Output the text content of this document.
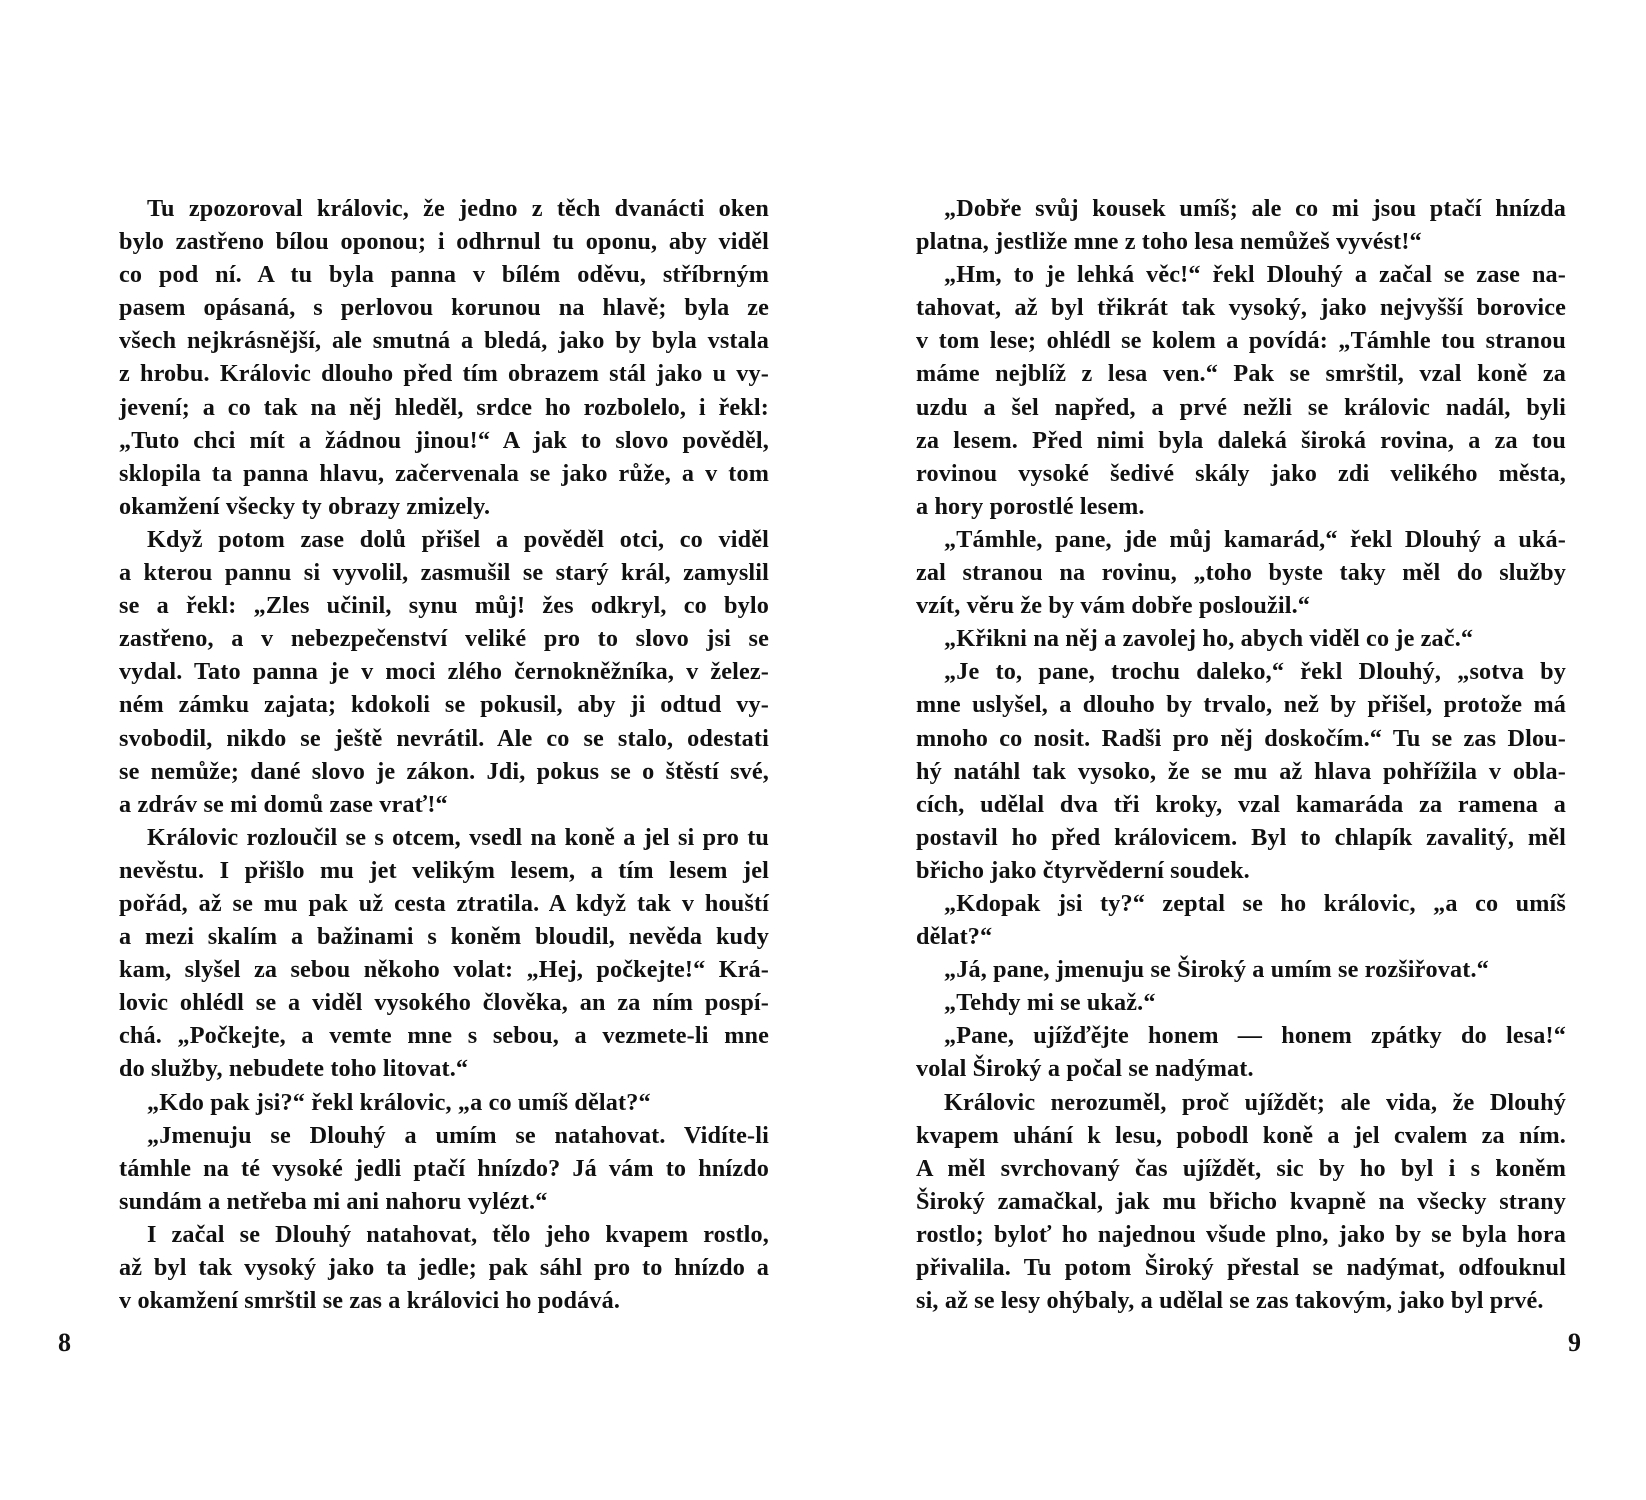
Tu zpozoroval královic, že jedno z těch dvanácti oken
bylo zastřeno bílou oponou; i odhrnul tu oponu, aby viděl
co pod ní. A tu byla panna v bílém oděvu, stříbrným
pasem opásaná, s perlovou korunou na hlavě; byla ze
všech nejkrásnější, ale smutná a bledá, jako by byla vstala
z hrobu. Královic dlouho před tím obrazem stál jako u vy-
jevení; a co tak na něj hleděl, srdce ho rozbolelo, i řekl:
„Tuto chci mít a žádnou jinou!“ A jak to slovo pověděl,
sklopila ta panna hlavu, začervenala se jako růže, a v tom
okamžení všecky ty obrazy zmizely.
Když potom zase dolů přišel a pověděl otci, co viděl
a kterou pannu si vyvolil, zasmušil se starý král, zamyslil
se a řekl: „Zles učinil, synu můj! žes odkryl, co bylo
zastřeno, a v nebezpečenství veliké pro to slovo jsi se
vydal. Tato panna je v moci zlého černokněžníka, v želez-
ném zámku zajata; kdokoli se pokusil, aby ji odtud vy-
svobodil, nikdo se ještě nevrátil. Ale co se stalo, odestati
se nemůže; dané slovo je zákon. Jdi, pokus se o štěstí své,
a zdráv se mi domů zase vrať!“
Královic rozloučil se s otcem, vsedl na koně a jel si pro tu
nevěstu. I přišlo mu jet velikým lesem, a tím lesem jel
pořád, až se mu pak už cesta ztratila. A když tak v houští
a mezi skalím a bažinami s koněm bloudil, nevěda kudy
kam, slyšel za sebou někoho volat: „Hej, počkejte!“ Krá-
lovic ohlédl se a viděl vysokého člověka, an za ním pospí-
chá. „Počkejte, a vemte mne s sebou, a vezmete-li mne
do služby, nebudete toho litovat.“
„Kdo pak jsi?“ řekl královic, „a co umíš dělat?“
„Jmenuju se Dlouhý a umím se natahovat. Vidíte-li
támhle na té vysoké jedli ptačí hnízdo? Já vám to hnízdo
sundám a netřeba mi ani nahoru vylézt.“
I začal se Dlouhý natahovat, tělo jeho kvapem rostlo,
až byl tak vysoký jako ta jedle; pak sáhl pro to hnízdo a
v okamžení smrštil se zas a královici ho podává.
8
„Dobře svůj kousek umíš; ale co mi jsou ptačí hnízda
platna, jestliže mne z toho lesa nemůžeš vyvést!“
„Hm, to je lehká věc!“ řekl Dlouhý a začal se zase na-
tahovat, až byl třikrát tak vysoký, jako nejvyšší borovice
v tom lese; ohlédl se kolem a povídá: „Támhle tou stranou
máme nejblíž z lesa ven.“ Pak se smrštil, vzal koně za
uzdu a šel napřed, a prvé nežli se královic nadál, byli
za lesem. Před nimi byla daleká široká rovina, a za tou
rovinou vysoké šedivé skály jako zdi velikého města,
a hory porostlé lesem.
„Támhle, pane, jde můj kamarád,“ řekl Dlouhý a uká-
zal stranou na rovinu, „toho byste taky měl do služby
vzít, věru že by vám dobře posloužil.“
„Křikni na něj a zavolej ho, abych viděl co je zač.“
„Je to, pane, trochu daleko,“ řekl Dlouhý, „sotva by
mne uslyšel, a dlouho by trvalo, než by přišel, protože má
mnoho co nosit. Radši pro něj doskočím.“ Tu se zas Dlou-
hý natáhl tak vysoko, že se mu až hlava pohřížila v obla-
cích, udělal dva tři kroky, vzal kamaráda za ramena a
postavil ho před královicem. Byl to chlapík zavalitý, měl
břicho jako čtyrvěderní soudek.
„Kdopak jsi ty?“ zeptal se ho královic, „a co umíš
dělat?“
„Já, pane, jmenuju se Široký a umím se rozšiřovat.“
„Tehdy mi se ukaž.“
„Pane, ujížďějte honem — honem zpátky do lesa!“
volal Široký a počal se nadýmat.
Královic nerozuměl, proč ujíždět; ale vida, že Dlouhý
kvapem uhání k lesu, pobodl koně a jel cvalem za ním.
A měl svrchovaný čas ujíždět, sic by ho byl i s koněm
Široký zamačkal, jak mu břicho kvapně na všecky strany
rostlo; byloť ho najednou všude plno, jako by se byla hora
přivalila. Tu potom Široký přestal se nadýmat, odfouknul
si, až se lesy ohýbaly, a udělal se zas takovým, jako byl prvé.
9
